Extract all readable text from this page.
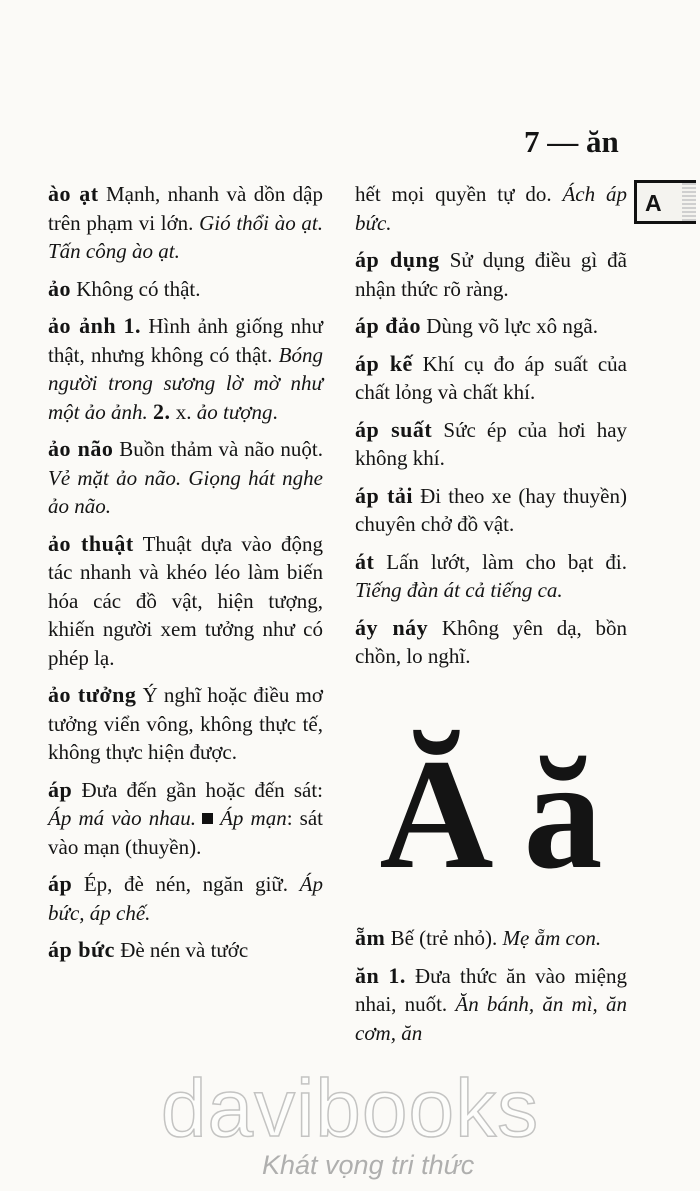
7 — ăn
A
ào ạt Mạnh, nhanh và dồn dập trên phạm vi lớn. Gió thổi ào ạt. Tấn công ào ạt.
ảo Không có thật.
ảo ảnh 1. Hình ảnh giống như thật, nhưng không có thật. Bóng người trong sương lờ mờ như một ảo ảnh. 2. x. ảo tượng.
ảo não Buồn thảm và não nuột. Vẻ mặt ảo não. Giọng hát nghe ảo não.
ảo thuật Thuật dựa vào động tác nhanh và khéo léo làm biến hóa các đồ vật, hiện tượng, khiến người xem tưởng như có phép lạ.
ảo tưởng Ý nghĩ hoặc điều mơ tưởng viển vông, không thực tế, không thực hiện được.
áp Đưa đến gần hoặc đến sát: Áp má vào nhau. Áp mạn: sát vào mạn (thuyền).
áp Ép, đè nén, ngăn giữ. Áp bức, áp chế.
áp bức Đè nén và tước
hết mọi quyền tự do. Ách áp bức.
áp dụng Sử dụng điều gì đã nhận thức rõ ràng.
áp đảo Dùng võ lực xô ngã.
áp kế Khí cụ đo áp suất của chất lỏng và chất khí.
áp suất Sức ép của hơi hay không khí.
áp tải Đi theo xe (hay thuyền) chuyên chở đồ vật.
át Lấn lướt, làm cho bạt đi. Tiếng đàn át cả tiếng ca.
áy náy Không yên dạ, bồn chồn, lo nghĩ.
Ă ă
ẵm Bế (trẻ nhỏ). Mẹ ẵm con.
ăn 1. Đưa thức ăn vào miệng nhai, nuốt. Ăn bánh, ăn mì, ăn cơm, ăn
davibooks
Khát vọng tri thức
